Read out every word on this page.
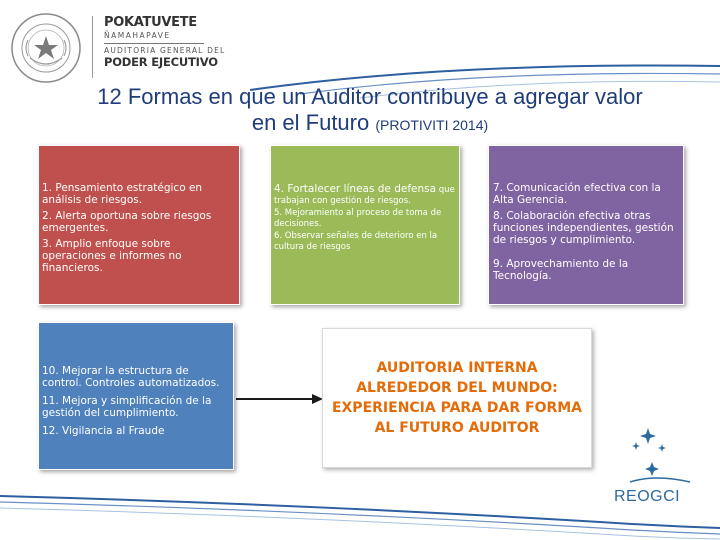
POKATUVETE
ÑAMAHAPAVE
AUDITORIA GENERAL DEL
PODER EJECUTIVO
12 Formas en que un Auditor contribuye a agregar valor
en el Futuro (PROTIVITI 2014)

1. Pensamiento estratégico en análisis de riesgos.

2. Alerta oportuna sobre riesgos emergentes.

3. Amplio enfoque sobre operaciones e informes no financieros.

4. Fortalecer líneas de defensa que trabajan con gestión de riesgos.

5. Mejoramiento al proceso de toma de decisiones.

6. Observar señales de deterioro en la cultura de riesgos

7. Comunicación efectiva con la Alta Gerencia.

8. Colaboración efectiva otras funciones independientes, gestión de riesgos y cumplimiento.

9. Aprovechamiento de la Tecnología.

10. Mejorar la estructura de control. Controles automatizados.

11. Mejora y simplificación de la gestión del cumplimiento.

12. Vigilancia al Fraude

AUDITORIA INTERNA ALREDEDOR DEL MUNDO: EXPERIENCIA PARA DAR FORMA AL FUTURO AUDITOR
REOGCI
